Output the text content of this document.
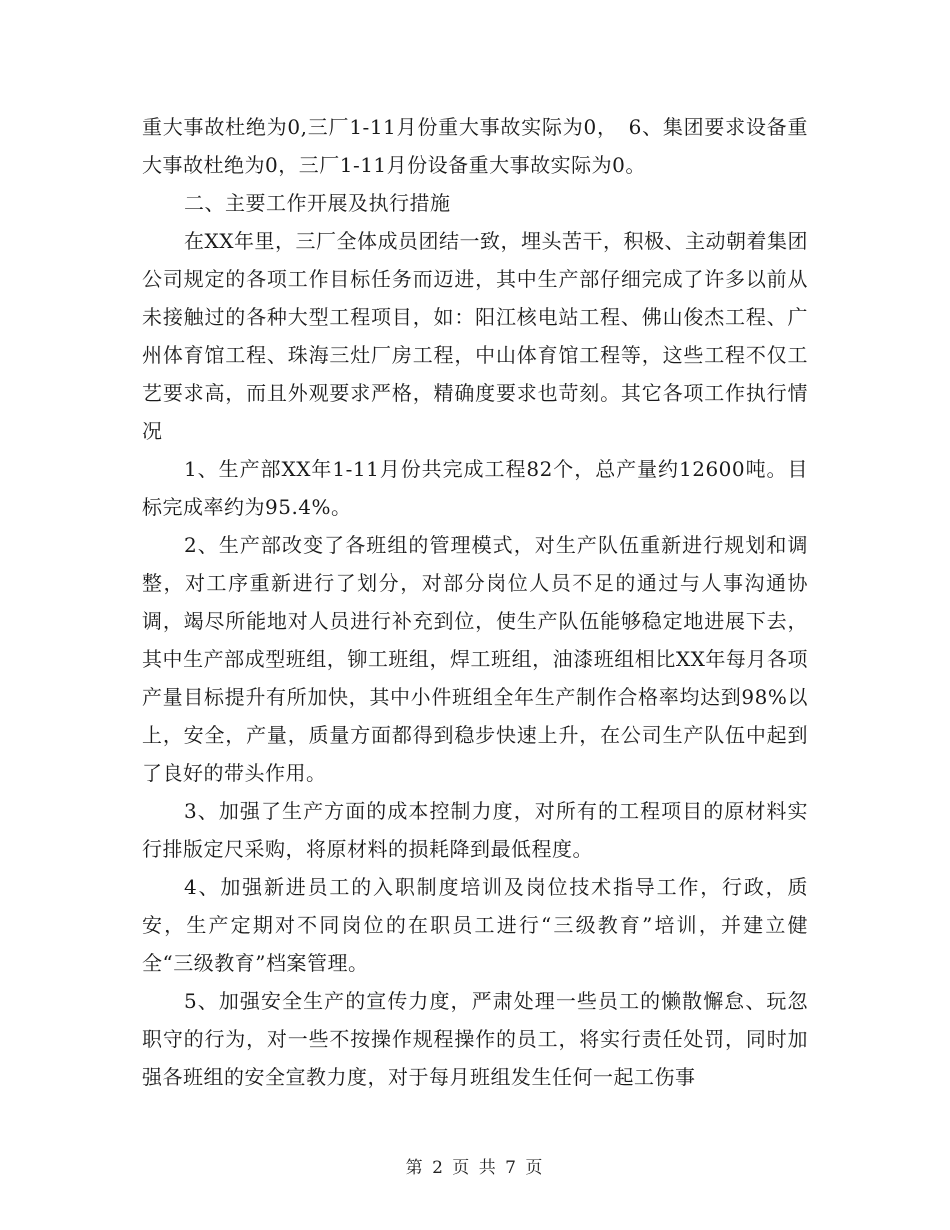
重大事故杜绝为0,三厂1-11月份重大事故实际为0，　6、集团要求设备重大事故杜绝为0，三厂1-11月份设备重大事故实际为0。

二、主要工作开展及执行措施

在XX年里，三厂全体成员团结一致，埋头苦干，积极、主动朝着集团公司规定的各项工作目标任务而迈进，其中生产部仔细完成了许多以前从未接触过的各种大型工程项目，如：阳江核电站工程、佛山俊杰工程、广州体育馆工程、珠海三灶厂房工程，中山体育馆工程等，这些工程不仅工艺要求高，而且外观要求严格，精确度要求也苛刻。其它各项工作执行情况

1、生产部XX年1-11月份共完成工程82个，总产量约12600吨。目标完成率约为95.4%。

2、生产部改变了各班组的管理模式，对生产队伍重新进行规划和调整，对工序重新进行了划分，对部分岗位人员不足的通过与人事沟通协调，竭尽所能地对人员进行补充到位，使生产队伍能够稳定地进展下去，其中生产部成型班组，铆工班组，焊工班组，油漆班组相比XX年每月各项产量目标提升有所加快，其中小件班组全年生产制作合格率均达到98%以上，安全，产量，质量方面都得到稳步快速上升，在公司生产队伍中起到了良好的带头作用。

3、加强了生产方面的成本控制力度，对所有的工程项目的原材料实行排版定尺采购，将原材料的损耗降到最低程度。

4、加强新进员工的入职制度培训及岗位技术指导工作，行政，质安，生产定期对不同岗位的在职员工进行“三级教育”培训，并建立健全“三级教育”档案管理。

5、加强安全生产的宣传力度，严肃处理一些员工的懒散懈怠、玩忽职守的行为，对一些不按操作规程操作的员工，将实行责任处罚，同时加强各班组的安全宣教力度，对于每月班组发生任何一起工伤事

第 2 页 共 7 页
